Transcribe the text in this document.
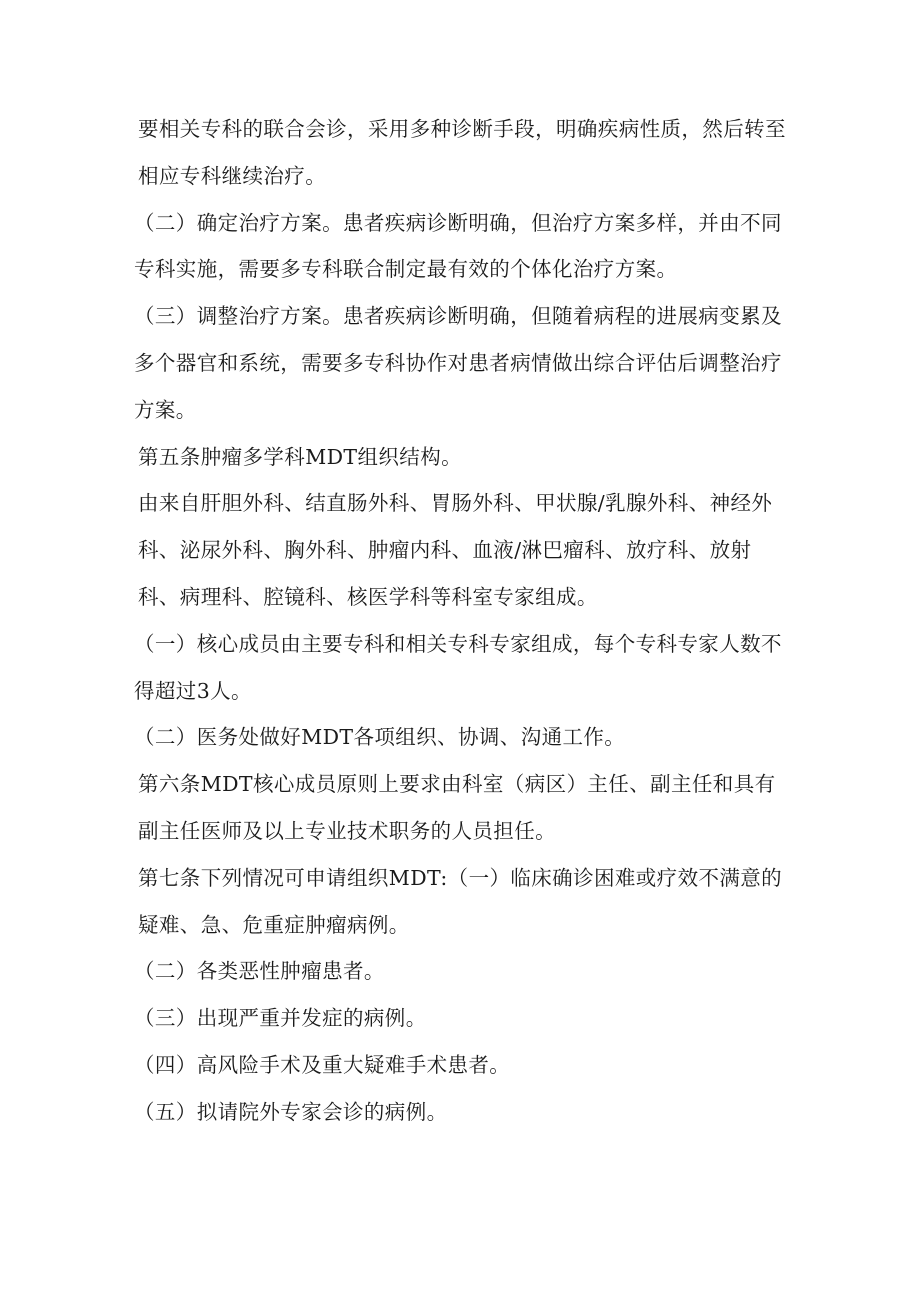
要相关专科的联合会诊，采用多种诊断手段，明确疾病性质，然后转至相应专科继续治疗。

（二）确定治疗方案。患者疾病诊断明确，但治疗方案多样，并由不同专科实施，需要多专科联合制定最有效的个体化治疗方案。

（三）调整治疗方案。患者疾病诊断明确，但随着病程的进展病变累及多个器官和系统，需要多专科协作对患者病情做出综合评估后调整治疗方案。

第五条肿瘤多学科MDT组织结构。

由来自肝胆外科、结直肠外科、胃肠外科、甲状腺/乳腺外科、神经外科、泌尿外科、胸外科、肿瘤内科、血液/淋巴瘤科、放疗科、放射科、病理科、腔镜科、核医学科等科室专家组成。

（一）核心成员由主要专科和相关专科专家组成，每个专科专家人数不得超过3人。

（二）医务处做好MDT各项组织、协调、沟通工作。

第六条MDT核心成员原则上要求由科室（病区）主任、副主任和具有副主任医师及以上专业技术职务的人员担任。

第七条下列情况可申请组织MDT:（一）临床确诊困难或疗效不满意的疑难、急、危重症肿瘤病例。

（二）各类恶性肿瘤患者。

（三）出现严重并发症的病例。

（四）高风险手术及重大疑难手术患者。

（五）拟请院外专家会诊的病例。
